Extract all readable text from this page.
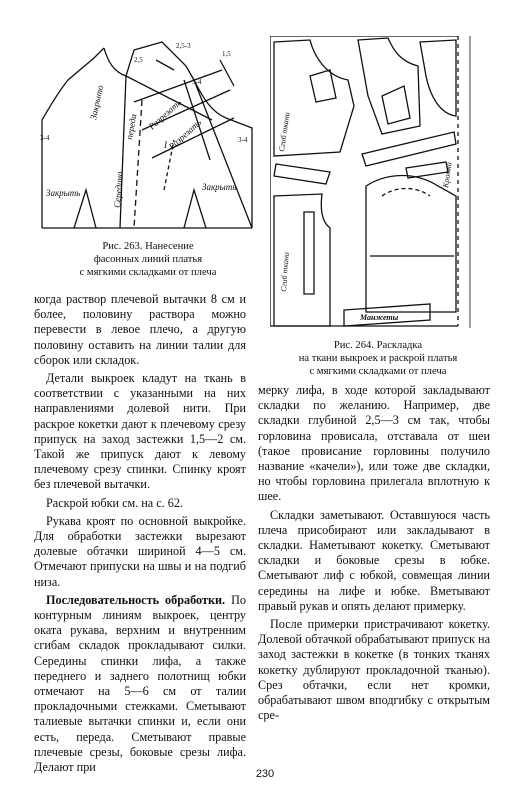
Закрыто
переда
Середина
Разрезать
Разрезать
Закрыть
Закрыть
I
3-4
2,5
3-4
2,5-3
3-4
1,5
Рис. 263. Нанесение
фасонных линий платья
с мягкими складками от плеча
Сгиб ткани
Кромка
Сгиб ткани
Манжеты
Рис. 264. Раскладка
на ткани выкроек и раскрой платья
с мягкими складками от плеча

когда раствор плечевой вытачки 8 см и более, половину раствора можно перевести в левое плечо, а другую половину оставить на линии талии для сборок или складок.

Детали выкроек кладут на ткань в соответствии с указанными на них направлениями долевой нити. При раскрое кокетки дают к плечевому срезу припуск на заход застежки 1,5—2 см. Такой же припуск дают к левому плечевому срезу спинки. Спинку кроят без плечевой вытачки.

Раскрой юбки см. на с. 62.

Рукава кроят по основной выкройке. Для обработки застежки вырезают долевые обтачки шириной 4—5 см. Отмечают припуски на швы и на подгиб низа.

Последовательность обработки. По контурным линиям выкроек, центру оката рукава, верхним и внутренним сгибам складок прокладывают силки. Середины спинки лифа, а также переднего и заднего полотнищ юбки отмечают на 5—6 см от талии прокладочными стежками. Сметывают талиевые вытачки спинки и, если они есть, переда. Сметывают правые плечевые срезы, боковые срезы лифа. Делают при

мерку лифа, в ходе которой закладывают складки по желанию. Например, две складки глубиной 2,5—3 см так, чтобы горловина провисала, отставала от шеи (такое провисание горловины получило название «качели»), или тоже две складки, но чтобы горловина прилегала вплотную к шее.

Складки заметывают. Оставшуюся часть плеча присобирают или закладывают в складки. Наметывают кокетку. Сметывают складки и боковые срезы в юбке. Сметывают лиф с юбкой, совмещая линии середины на лифе и юбке. Вметывают правый рукав и опять делают примерку.

После примерки пристрачивают кокетку. Долевой обтачкой обрабатывают припуск на заход застежки в кокетке (в тонких тканях кокетку дублируют прокладочной тканью). Срез обтачки, если нет кромки, обрабатывают швом вподгибку с открытым сре-

230
